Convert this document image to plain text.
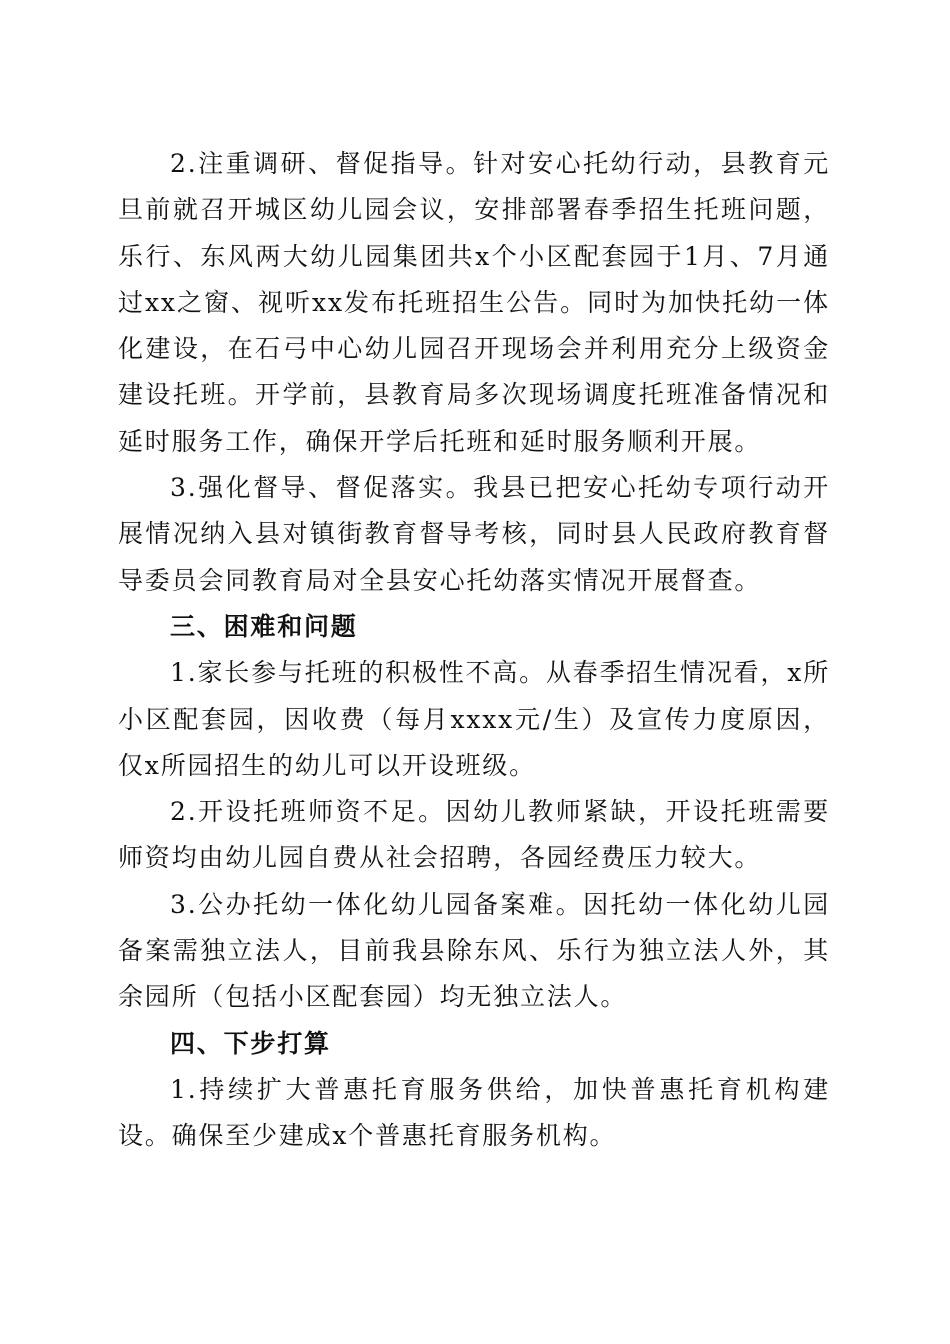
2.注重调研、督促指导。针对安心托幼行动，县教育元旦前就召开城区幼儿园会议，安排部署春季招生托班问题，乐行、东风两大幼儿园集团共x个小区配套园于1月、7月通过xx之窗、视听xx发布托班招生公告。同时为加快托幼一体化建设，在石弓中心幼儿园召开现场会并利用充分上级资金建设托班。开学前，县教育局多次现场调度托班准备情况和延时服务工作，确保开学后托班和延时服务顺利开展。

3.强化督导、督促落实。我县已把安心托幼专项行动开展情况纳入县对镇街教育督导考核，同时县人民政府教育督导委员会同教育局对全县安心托幼落实情况开展督查。

三、困难和问题

1.家长参与托班的积极性不高。从春季招生情况看，x所小区配套园，因收费（每月xxxx元/生）及宣传力度原因，仅x所园招生的幼儿可以开设班级。

2.开设托班师资不足。因幼儿教师紧缺，开设托班需要师资均由幼儿园自费从社会招聘，各园经费压力较大。

3.公办托幼一体化幼儿园备案难。因托幼一体化幼儿园备案需独立法人，目前我县除东风、乐行为独立法人外，其余园所（包括小区配套园）均无独立法人。

四、下步打算

1.持续扩大普惠托育服务供给，加快普惠托育机构建设。确保至少建成x个普惠托育服务机构。
